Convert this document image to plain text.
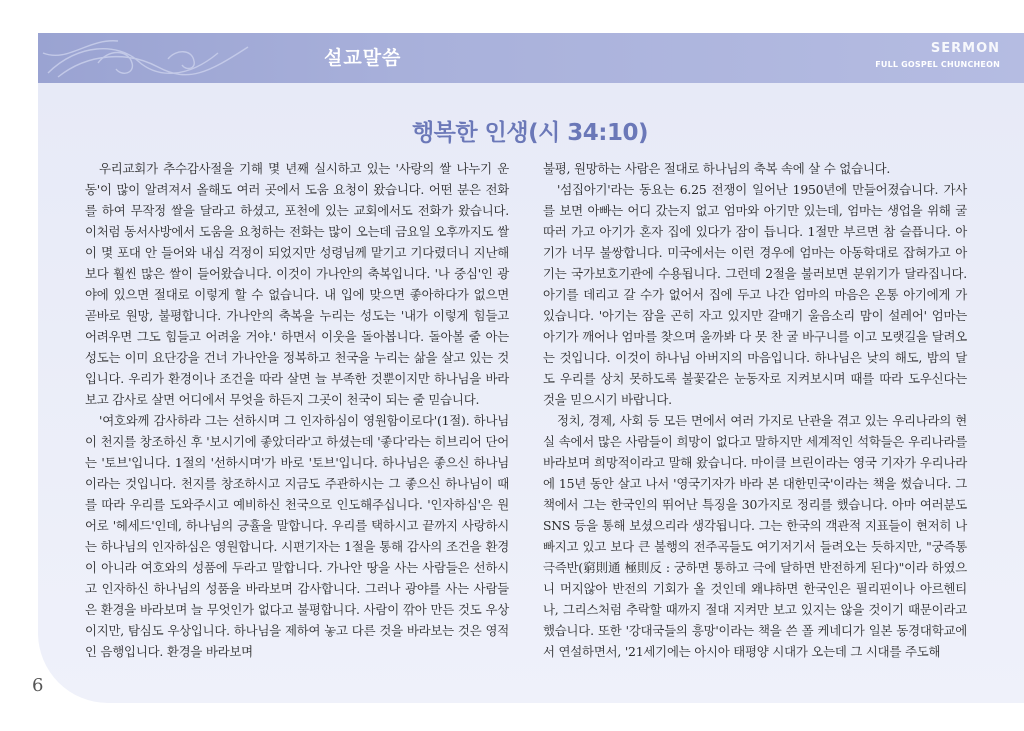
설교말씀	SERMON
FULL GOSPEL CHUNCHEON
행복한 인생(시 34:10)

우리교회가 추수감사절을 기해 몇 년째 실시하고 있는 '사랑의 쌀 나누기 운동'이 많이 알려져서 올해도 여러 곳에서 도움 요청이 왔습니다. 어떤 분은 전화를 하여 무작정 쌀을 달라고 하셨고, 포천에 있는 교회에서도 전화가 왔습니다. 이처럼 동서사방에서 도움을 요청하는 전화는 많이 오는데 금요일 오후까지도 쌀이 몇 포대 안 들어와 내심 걱정이 되었지만 성령님께 맡기고 기다렸더니 지난해보다 훨씬 많은 쌀이 들어왔습니다. 이것이 가나안의 축복입니다. '나 중심'인 광야에 있으면 절대로 이렇게 할 수 없습니다. 내 입에 맞으면 좋아하다가 없으면 곧바로 원망, 불평합니다. 가나안의 축복을 누리는 성도는 '내가 이렇게 힘들고 어려우면 그도 힘들고 어려울 거야.' 하면서 이웃을 돌아봅니다. 돌아볼 줄 아는 성도는 이미 요단강을 건너 가나안을 정복하고 천국을 누리는 삶을 살고 있는 것입니다. 우리가 환경이나 조건을 따라 살면 늘 부족한 것뿐이지만 하나님을 바라보고 감사로 살면 어디에서 무엇을 하든지 그곳이 천국이 되는 줄 믿습니다.

'여호와께 감사하라 그는 선하시며 그 인자하심이 영원함이로다'(1절). 하나님이 천지를 창조하신 후 '보시기에 좋았더라'고 하셨는데 '좋다'라는 히브리어 단어는 '토브'입니다. 1절의 '선하시며'가 바로 '토브'입니다. 하나님은 좋으신 하나님이라는 것입니다. 천지를 창조하시고 지금도 주관하시는 그 좋으신 하나님이 때를 따라 우리를 도와주시고 예비하신 천국으로 인도해주십니다. '인자하심'은 원어로 '헤세드'인데, 하나님의 긍휼을 말합니다. 우리를 택하시고 끝까지 사랑하시는 하나님의 인자하심은 영원합니다. 시편기자는 1절을 통해 감사의 조건을 환경이 아니라 여호와의 성품에 두라고 말합니다. 가나안 땅을 사는 사람들은 선하시고 인자하신 하나님의 성품을 바라보며 감사합니다. 그러나 광야를 사는 사람들은 환경을 바라보며 늘 무엇인가 없다고 불평합니다. 사람이 깎아 만든 것도 우상이지만, 탐심도 우상입니다. 하나님을 제하여 놓고 다른 것을 바라보는 것은 영적인 음행입니다. 환경을 바라보며

불평, 원망하는 사람은 절대로 하나님의 축복 속에 살 수 없습니다.

'섬집아기'라는 동요는 6.25 전쟁이 일어난 1950년에 만들어졌습니다. 가사를 보면 아빠는 어디 갔는지 없고 엄마와 아기만 있는데, 엄마는 생업을 위해 굴 따러 가고 아기가 혼자 집에 있다가 잠이 듭니다. 1절만 부르면 참 슬픕니다. 아기가 너무 불쌍합니다. 미국에서는 이런 경우에 엄마는 아동학대로 잡혀가고 아기는 국가보호기관에 수용됩니다. 그런데 2절을 불러보면 분위기가 달라집니다. 아기를 데리고 갈 수가 없어서 집에 두고 나간 엄마의 마음은 온통 아기에게 가 있습니다. '아기는 잠을 곤히 자고 있지만 갈매기 울음소리 맘이 설레어' 엄마는 아기가 깨어나 엄마를 찾으며 울까봐 다 못 찬 굴 바구니를 이고 모랫길을 달려오는 것입니다. 이것이 하나님 아버지의 마음입니다. 하나님은 낮의 해도, 밤의 달도 우리를 상치 못하도록 불꽃같은 눈동자로 지켜보시며 때를 따라 도우신다는 것을 믿으시기 바랍니다.

정치, 경제, 사회 등 모든 면에서 여러 가지로 난관을 겪고 있는 우리나라의 현실 속에서 많은 사람들이 희망이 없다고 말하지만 세계적인 석학들은 우리나라를 바라보며 희망적이라고 말해 왔습니다. 마이클 브린이라는 영국 기자가 우리나라에 15년 동안 살고 나서 '영국기자가 바라 본 대한민국'이라는 책을 썼습니다. 그 책에서 그는 한국인의 뛰어난 특징을 30가지로 정리를 했습니다. 아마 여러분도 SNS 등을 통해 보셨으리라 생각됩니다. 그는 한국의 객관적 지표들이 현저히 나빠지고 있고 보다 큰 불행의 전주곡들도 여기저기서 들려오는 듯하지만, "궁즉통 극즉반(窮則通 極則反 : 궁하면 통하고 극에 달하면 반전하게 된다)"이라 하였으니 머지않아 반전의 기회가 올 것인데 왜냐하면 한국인은 필리핀이나 아르헨티나, 그리스처럼 추락할 때까지 절대 지켜만 보고 있지는 않을 것이기 때문이라고 했습니다. 또한 '강대국들의 흥망'이라는 책을 쓴 폴 케네디가 일본 동경대학교에서 연설하면서, '21세기에는 아시아 태평양 시대가 오는데 그 시대를 주도해

6
